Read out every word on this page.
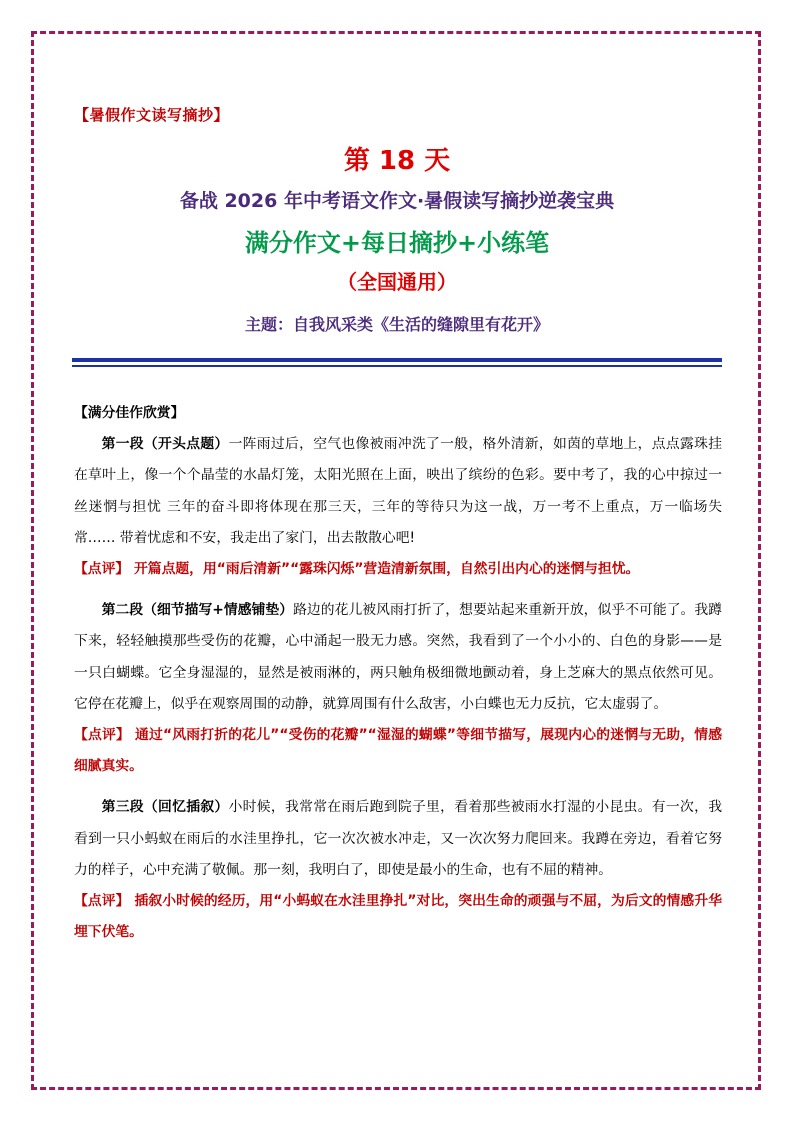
【暑假作文读写摘抄】
第 18 天
备战 2026 年中考语文作文·暑假读写摘抄逆袭宝典
满分作文+每日摘抄+小练笔
（全国通用）
主题：自我风采类《生活的缝隙里有花开》

【满分佳作欣赏】

第一段（开头点题）一阵雨过后，空气也像被雨冲洗了一般，格外清新，如茵的草地上，点点露珠挂在草叶上，像一个个晶莹的水晶灯笼，太阳光照在上面，映出了缤纷的色彩。要中考了，我的心中掠过一丝迷惘与担忧 三年的奋斗即将体现在那三天，三年的等待只为这一战，万一考不上重点，万一临场失常…… 带着忧虑和不安，我走出了家门，出去散散心吧!

【点评】 开篇点题，用“雨后清新”“露珠闪烁”营造清新氛围，自然引出内心的迷惘与担忧。

第二段（细节描写+情感铺垫）路边的花儿被风雨打折了，想要站起来重新开放，似乎不可能了。我蹲下来，轻轻触摸那些受伤的花瓣，心中涌起一股无力感。突然，我看到了一个小小的、白色的身影——是一只白蝴蝶。它全身湿湿的，显然是被雨淋的，两只触角极细微地颤动着，身上芝麻大的黑点依然可见。它停在花瓣上，似乎在观察周围的动静，就算周围有什么敌害，小白蝶也无力反抗，它太虚弱了。

【点评】 通过“风雨打折的花儿”“受伤的花瓣”“湿湿的蝴蝶”等细节描写，展现内心的迷惘与无助，情感细腻真实。

第三段（回忆插叙）小时候，我常常在雨后跑到院子里，看着那些被雨水打湿的小昆虫。有一次，我看到一只小蚂蚁在雨后的水洼里挣扎，它一次次被水冲走，又一次次努力爬回来。我蹲在旁边，看着它努力的样子，心中充满了敬佩。那一刻，我明白了，即使是最小的生命，也有不屈的精神。

【点评】 插叙小时候的经历，用“小蚂蚁在水洼里挣扎”对比，突出生命的顽强与不屈，为后文的情感升华埋下伏笔。
